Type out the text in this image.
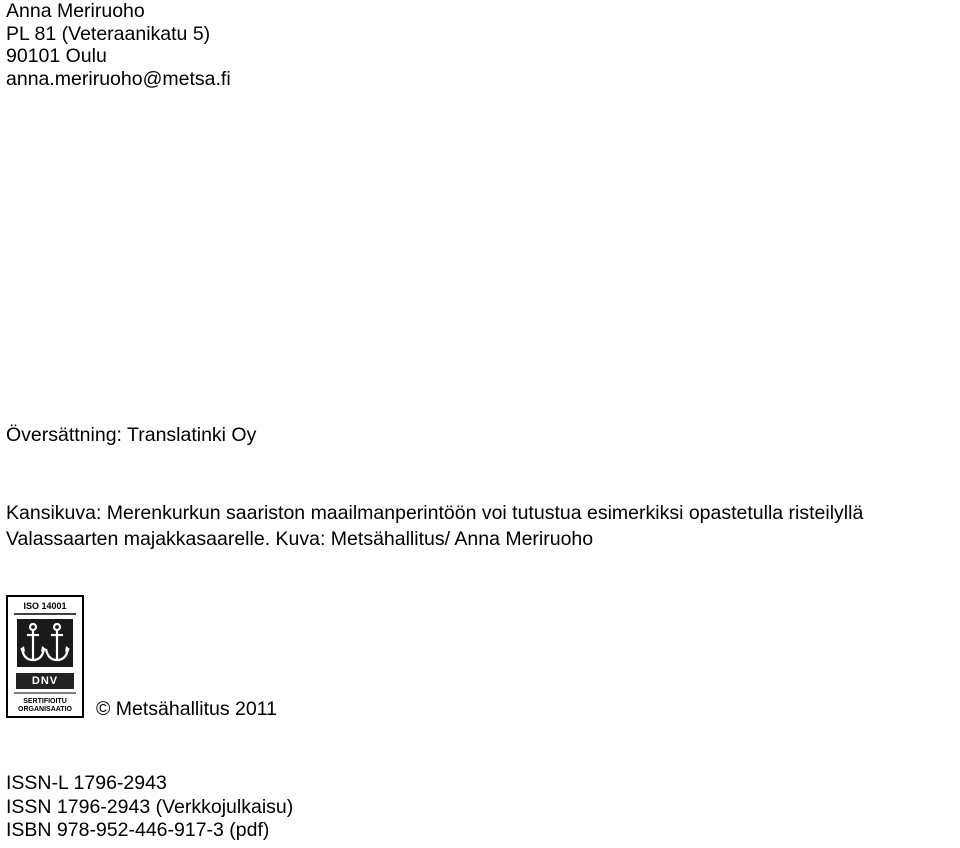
Anna Meriruoho
PL 81 (Veteraanikatu 5)
90101 Oulu
anna.meriruoho@metsa.fi
Översättning: Translatinki Oy
Kansikuva: Merenkurkun saariston maailmanperintöön voi tutustua esimerkiksi opastetulla risteilyllä
Valassaarten majakkasaarelle. Kuva: Metsähallitus/ Anna Meriruoho
ISO 14001
DNV
SERTIFIOITU
ORGANISAATIO	© Metsähallitus 2011
ISSN-L 1796-2943
ISSN 1796-2943 (Verkkojulkaisu)
ISBN 978-952-446-917-3 (pdf)
